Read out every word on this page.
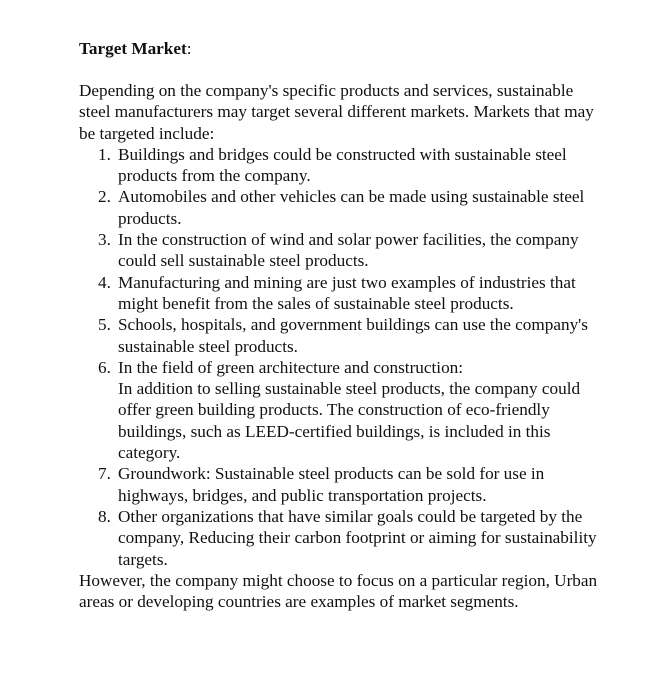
Target Market:

Depending on the company's specific products and services, sustainable steel manufacturers may target several different markets. Markets that may be targeted include:

1. Buildings and bridges could be constructed with sustainable steel products from the company.
2. Automobiles and other vehicles can be made using sustainable steel products.
3. In the construction of wind and solar power facilities, the company could sell sustainable steel products.
4. Manufacturing and mining are just two examples of industries that might benefit from the sales of sustainable steel products.
5. Schools, hospitals, and government buildings can use the company's sustainable steel products.
6. In the field of green architecture and construction:
In addition to selling sustainable steel products, the company could offer green building products. The construction of eco-friendly buildings, such as LEED-certified buildings, is included in this category.
7. Groundwork: Sustainable steel products can be sold for use in highways, bridges, and public transportation projects.
8. Other organizations that have similar goals could be targeted by the company, Reducing their carbon footprint or aiming for sustainability targets.

However, the company might choose to focus on a particular region, Urban areas or developing countries are examples of market segments.
